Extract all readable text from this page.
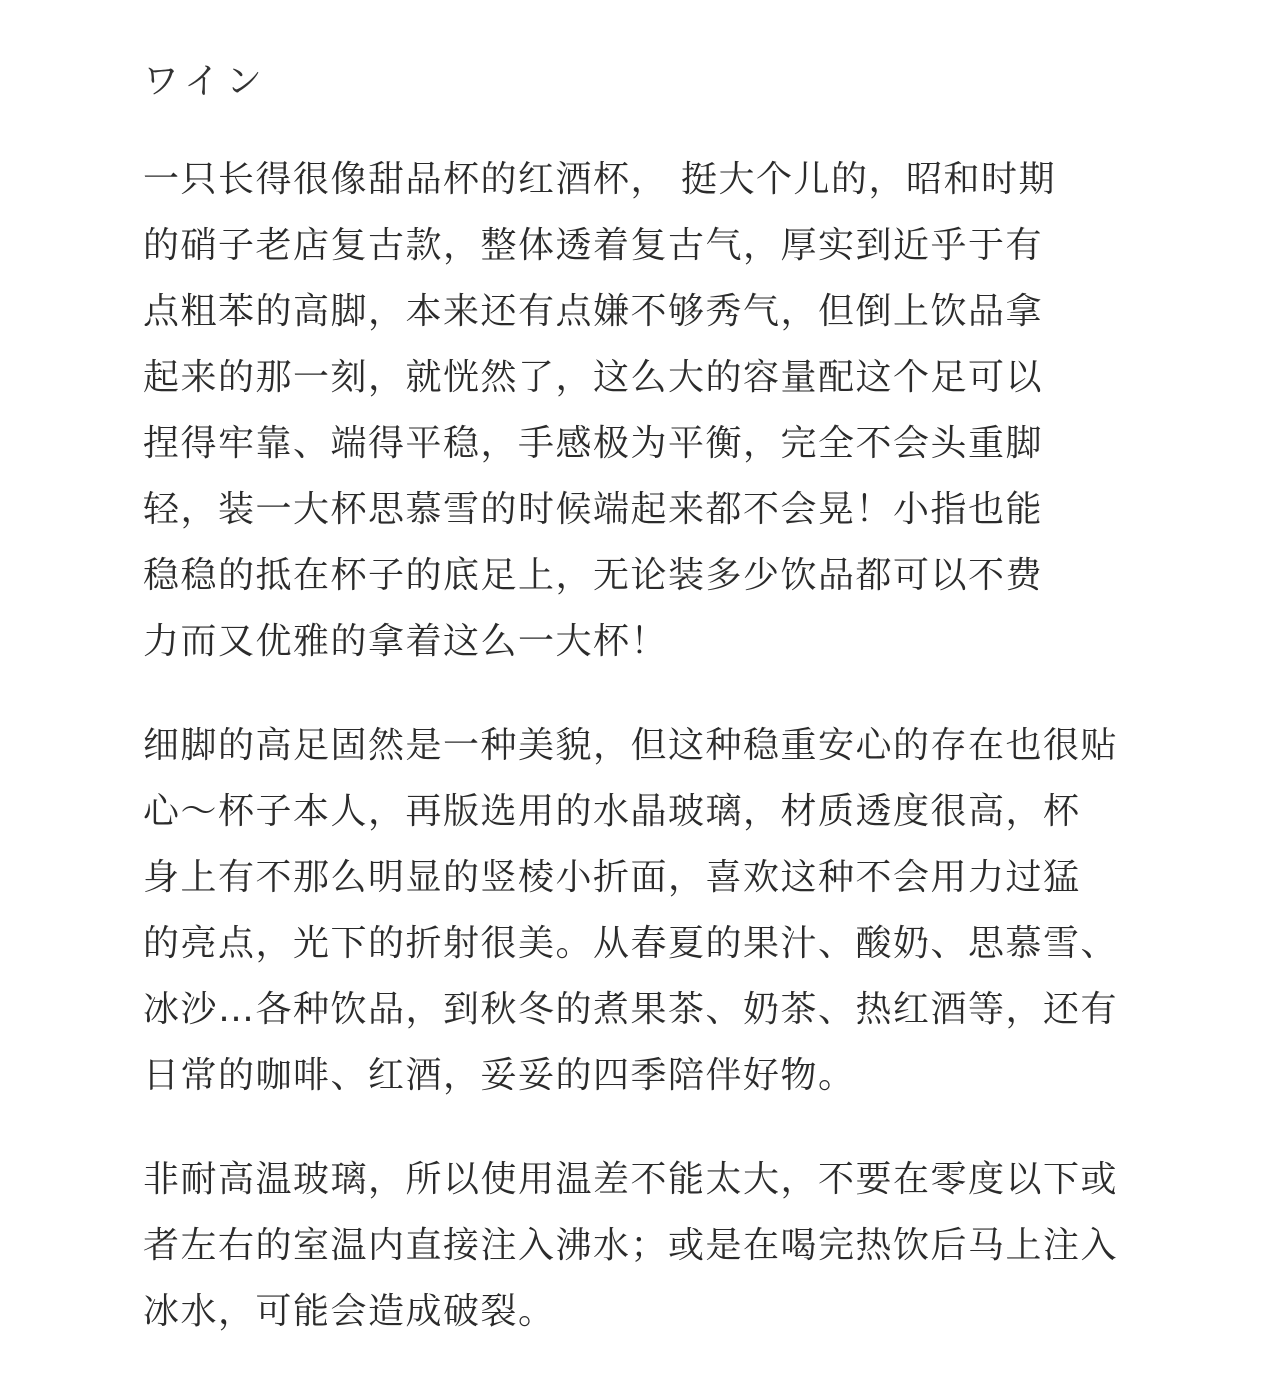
ワイン
一只长得很像甜品杯的红酒杯， 挺大个儿的，昭和时期
的硝子老店复古款，整体透着复古气，厚实到近乎于有
点粗苯的高脚，本来还有点嫌不够秀气，但倒上饮品拿
起来的那一刻，就恍然了，这么大的容量配这个足可以
捏得牢靠、端得平稳，手感极为平衡，完全不会头重脚
轻，装一大杯思慕雪的时候端起来都不会晃！小指也能
稳稳的抵在杯子的底足上，无论装多少饮品都可以不费
力而又优雅的拿着这么一大杯！
细脚的高足固然是一种美貌，但这种稳重安心的存在也很贴
心～杯子本人，再版选用的水晶玻璃，材质透度很高，杯
身上有不那么明显的竖棱小折面，喜欢这种不会用力过猛
的亮点，光下的折射很美。从春夏的果汁、酸奶、思慕雪、
冰沙…各种饮品，到秋冬的煮果茶、奶茶、热红酒等，还有
日常的咖啡、红酒，妥妥的四季陪伴好物。
非耐高温玻璃，所以使用温差不能太大，不要在零度以下或
者左右的室温内直接注入沸水；或是在喝完热饮后马上注入
冰水，可能会造成破裂。
